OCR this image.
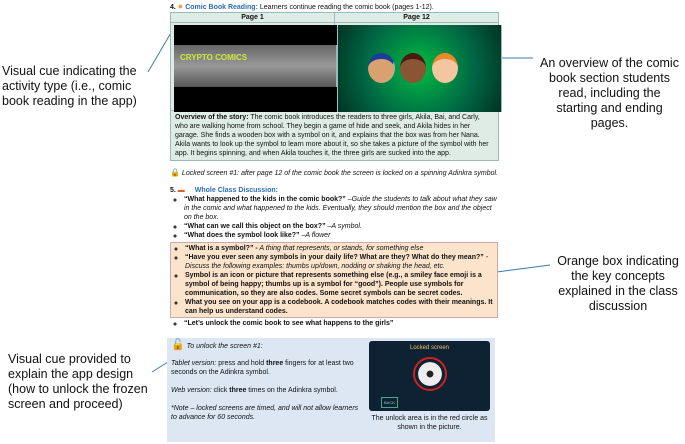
Visual cue indicating the activity type (i.e., comic book reading in the app)
An overview of the comic book section students read, including the starting and ending pages.
Orange box indicating the key concepts explained in the class discussion
Visual cue provided to explain the app design (how to unlock the frozen screen and proceed)
4. ● Comic Book Reading: Learners continue reading the comic book (pages 1-12).
Page 1	Page 12
CRYPTO COMICS
Overview of the story: The comic book introduces the readers to three girls, Akila, Bai, and Carly, who are walking home from school. They begin a game of hide and seek, and Akila hides in her garage. She finds a wooden box with a symbol on it, and explains that the box was from her Nana. Akila wants to look up the symbol to learn more about it, so she takes a picture of the symbol with her app. It begins spinning, and when Akila touches it, the three girls are sucked into the app.
🔒 Locked screen #1: after page 12 of the comic book the screen is locked on a spinning Adinkra symbol.
5. ▬ Whole Class Discussion:
◦ “What happened to the kids in the comic book?” –Guide the students to talk about what they saw in the comic and what happened to the kids. Eventually, they should mention the box and the object on the box.
◦ “What can we call this object on the box?” –A symbol.
◦ “What does the symbol look like?” –A flower
◦ “What is a symbol?” - A thing that represents, or stands, for something else
◦ “Have you ever seen any symbols in your daily life? What are they? What do they mean?” -Discuss the following examples: thumbs up/down, nodding or shaking the head, etc.
◦ Symbol is an icon or picture that represents something else (e.g., a smiley face emoji is a symbol of being happy; thumbs up is a symbol for “good”). People use symbols for communication, so they are also codes. Some secret symbols can be secret codes.
◦ What you see on your app is a codebook. A codebook matches codes with their meanings. It can help us understand codes.
◦ “Let’s unlock the comic book to see what happens to the girls”
🔓 To unlock the screen #1:
Tablet version: press and hold three fingers for at least two seconds on the Adinkra symbol.
Web version: click three times on the Adinkra symbol.
*Note – locked screens are timed, and will not allow learners to advance for 60 seconds.
Locked screen
BACK
The unlock area is in the red circle as shown in the picture.
